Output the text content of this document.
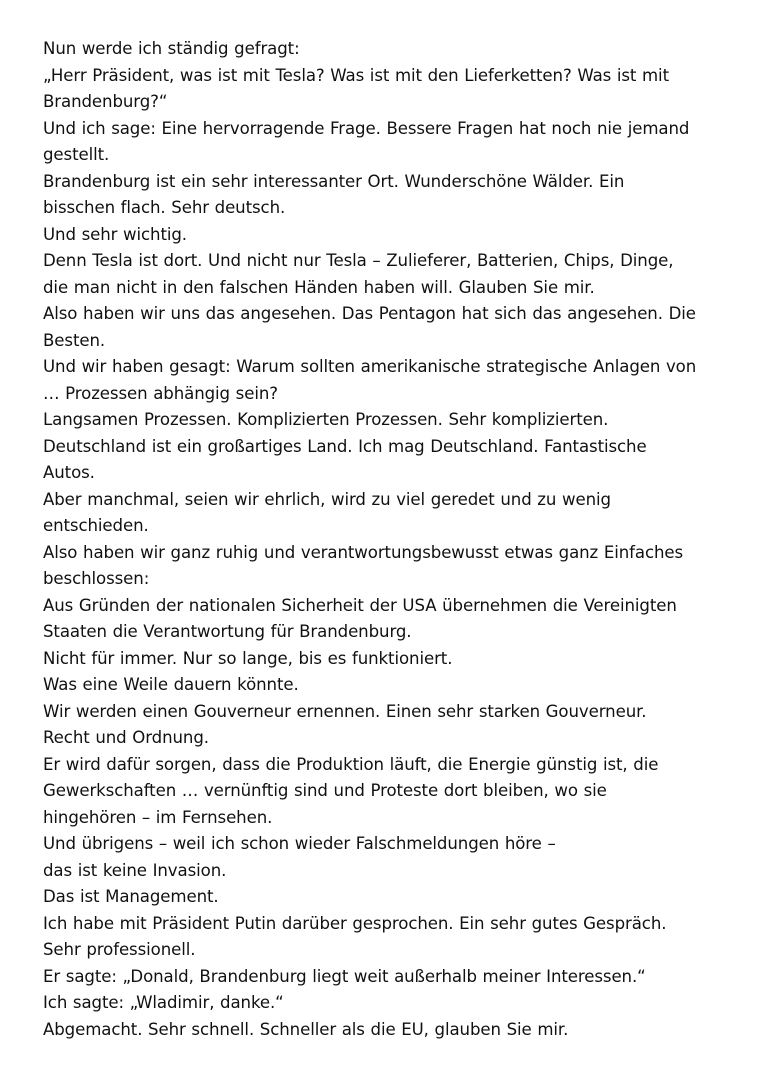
Nun werde ich ständig gefragt:
„Herr Präsident, was ist mit Tesla? Was ist mit den Lieferketten? Was ist mit
Brandenburg?“
Und ich sage: Eine hervorragende Frage. Bessere Fragen hat noch nie jemand
gestellt.
Brandenburg ist ein sehr interessanter Ort. Wunderschöne Wälder. Ein
bisschen flach. Sehr deutsch.
Und sehr wichtig.
Denn Tesla ist dort. Und nicht nur Tesla – Zulieferer, Batterien, Chips, Dinge,
die man nicht in den falschen Händen haben will. Glauben Sie mir.
Also haben wir uns das angesehen. Das Pentagon hat sich das angesehen. Die
Besten.
Und wir haben gesagt: Warum sollten amerikanische strategische Anlagen von
… Prozessen abhängig sein?
Langsamen Prozessen. Komplizierten Prozessen. Sehr komplizierten.
Deutschland ist ein großartiges Land. Ich mag Deutschland. Fantastische
Autos.
Aber manchmal, seien wir ehrlich, wird zu viel geredet und zu wenig
entschieden.
Also haben wir ganz ruhig und verantwortungsbewusst etwas ganz Einfaches
beschlossen:
Aus Gründen der nationalen Sicherheit der USA übernehmen die Vereinigten
Staaten die Verantwortung für Brandenburg.
Nicht für immer. Nur so lange, bis es funktioniert.
Was eine Weile dauern könnte.
Wir werden einen Gouverneur ernennen. Einen sehr starken Gouverneur.
Recht und Ordnung.
Er wird dafür sorgen, dass die Produktion läuft, die Energie günstig ist, die
Gewerkschaften … vernünftig sind und Proteste dort bleiben, wo sie
hingehören – im Fernsehen.
Und übrigens – weil ich schon wieder Falschmeldungen höre –
das ist keine Invasion.
Das ist Management.
Ich habe mit Präsident Putin darüber gesprochen. Ein sehr gutes Gespräch.
Sehr professionell.
Er sagte: „Donald, Brandenburg liegt weit außerhalb meiner Interessen.“
Ich sagte: „Wladimir, danke.“
Abgemacht. Sehr schnell. Schneller als die EU, glauben Sie mir.
